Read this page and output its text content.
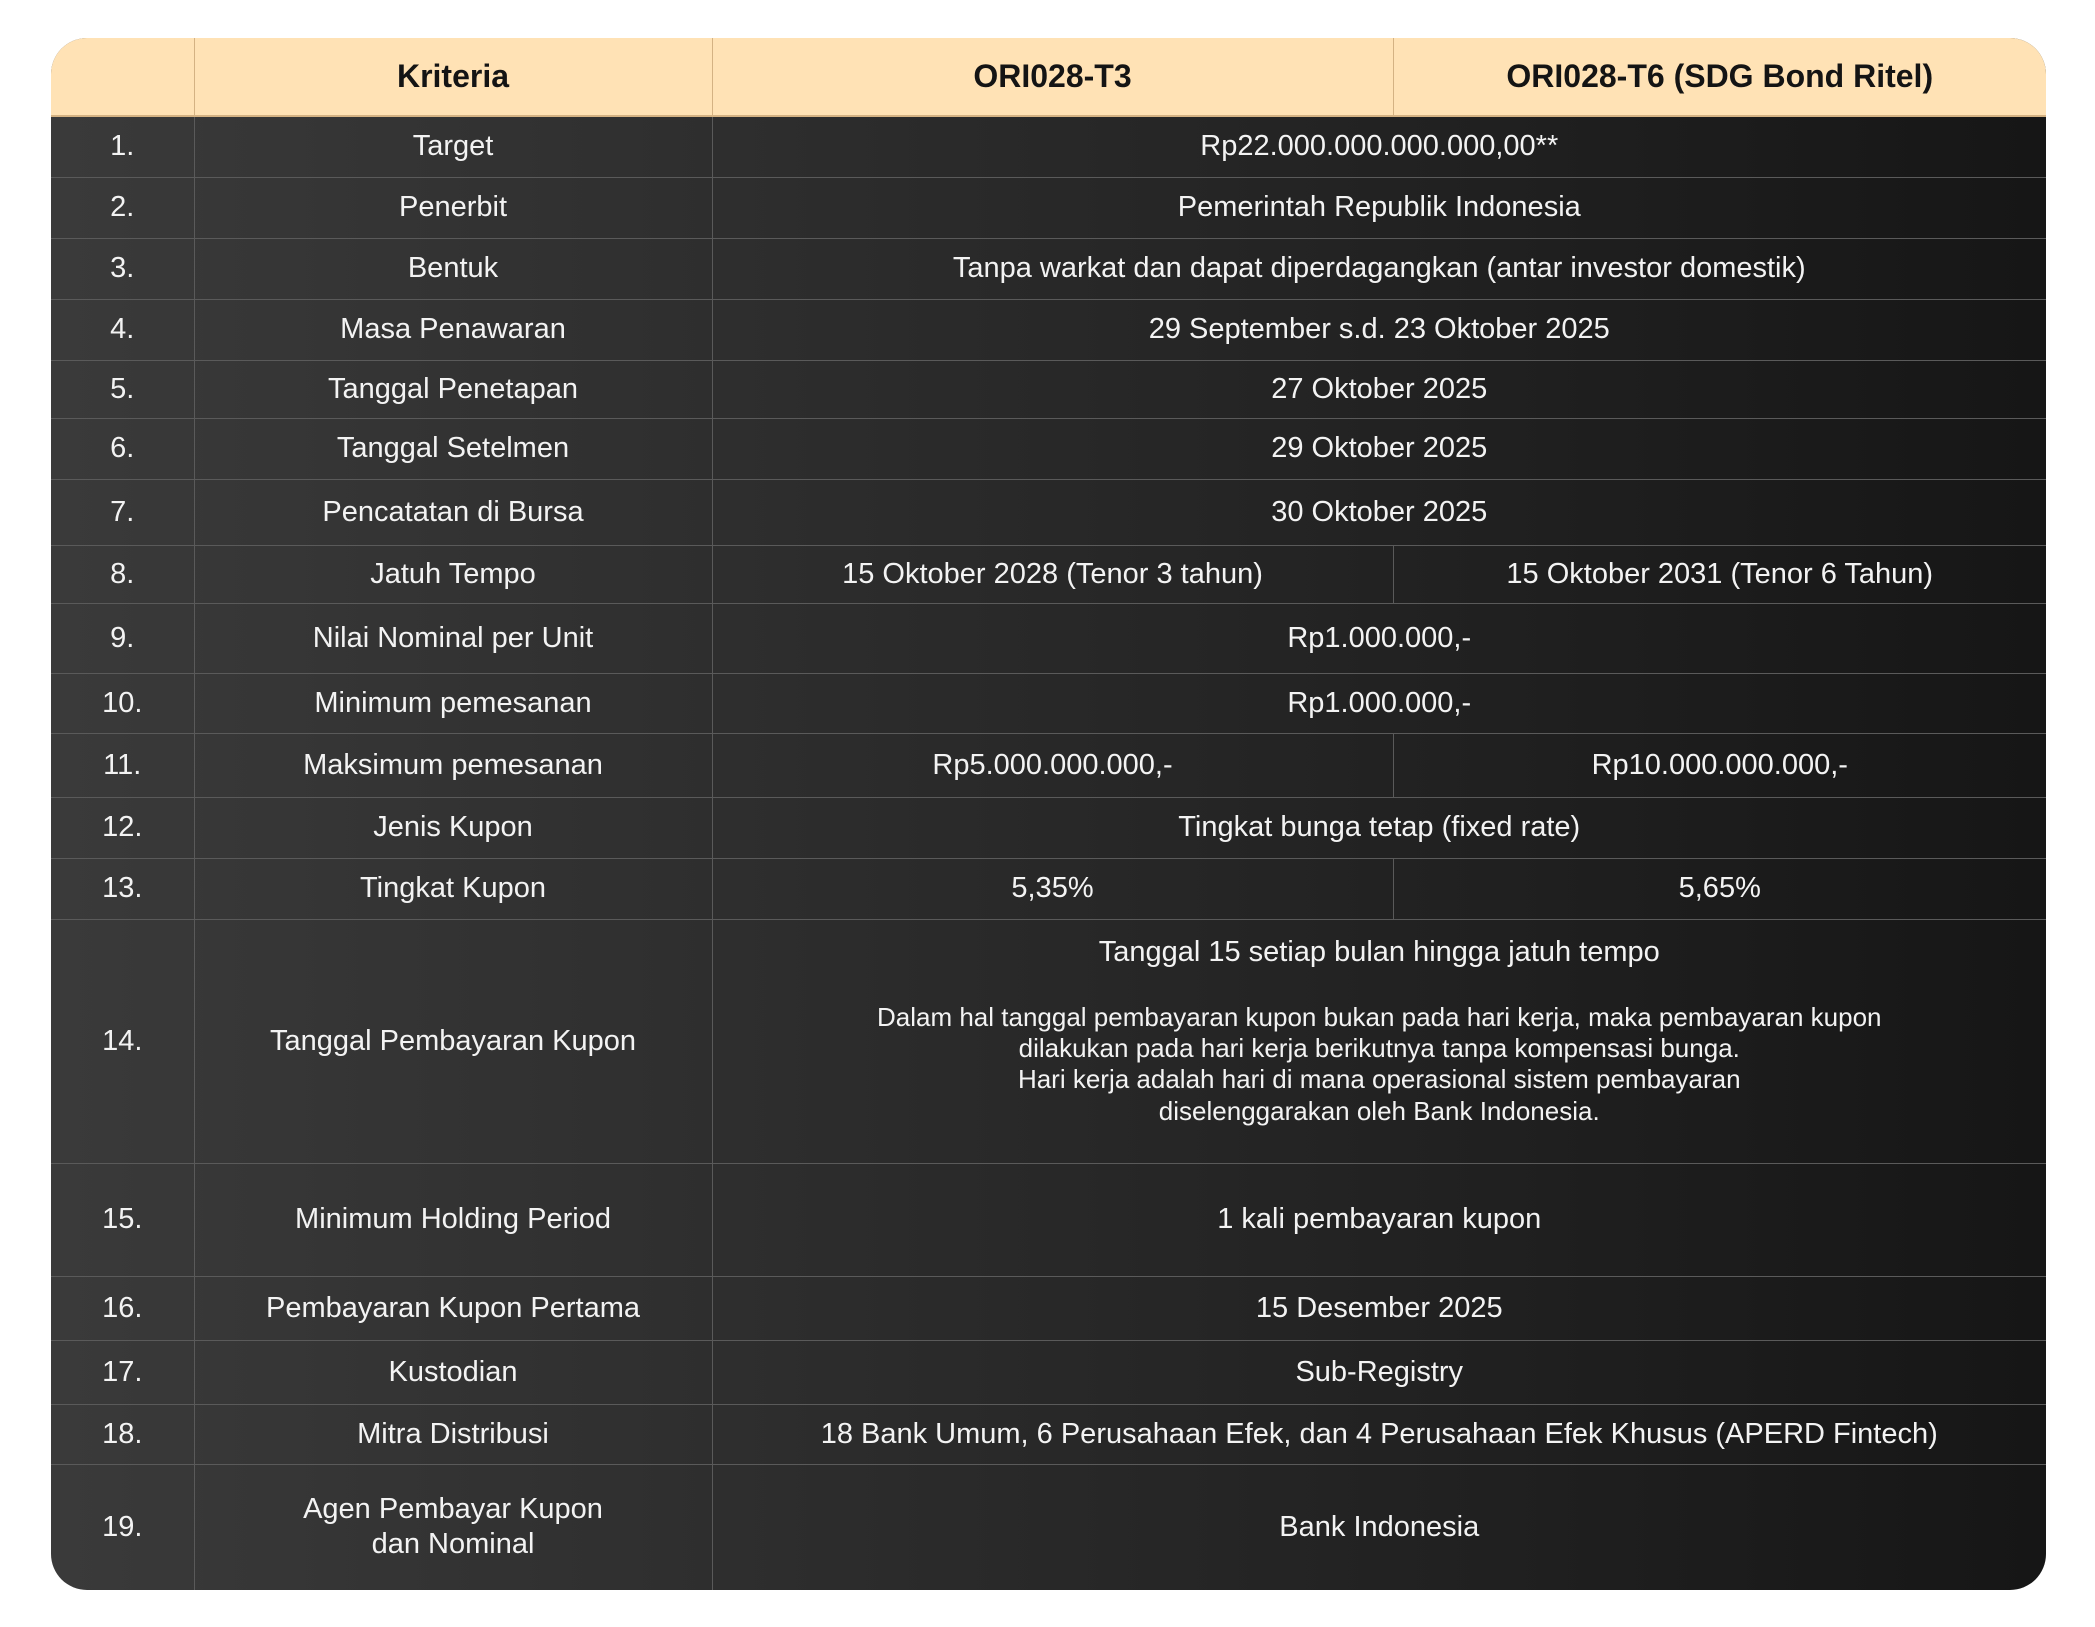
	Kriteria	ORI028-T3	ORI028-T6 (SDG Bond Ritel)
1.	Target	Rp22.000.000.000.000,00**	
2.	Penerbit	Pemerintah Republik Indonesia	
3.	Bentuk	Tanpa warkat dan dapat diperdagangkan (antar investor domestik)	
4.	Masa Penawaran	29 September s.d. 23 Oktober 2025	
5.	Tanggal Penetapan	27 Oktober 2025	
6.	Tanggal Setelmen	29 Oktober 2025	
7.	Pencatatan di Bursa	30 Oktober 2025	
8.	Jatuh Tempo	15 Oktober 2028 (Tenor 3 tahun)	15 Oktober 2031 (Tenor 6 Tahun)
9.	Nilai Nominal per Unit	Rp1.000.000,-	
10.	Minimum pemesanan	Rp1.000.000,-	
11.	Maksimum pemesanan	Rp5.000.000.000,-	Rp10.000.000.000,-
12.	Jenis Kupon	Tingkat bunga tetap (fixed rate)	
13.	Tingkat Kupon	5,35%	5,65%
14.	Tanggal Pembayaran Kupon	Tanggal 15 setiap bulan hingga jatuh tempo
Dalam hal tanggal pembayaran kupon bukan pada hari kerja, maka pembayaran kupon
dilakukan pada hari kerja berikutnya tanpa kompensasi bunga.
Hari kerja adalah hari di mana operasional sistem pembayaran
diselenggarakan oleh Bank Indonesia.	

15.	Minimum Holding Period	1 kali pembayaran kupon	
16.	Pembayaran Kupon Pertama	15 Desember 2025	
17.	Kustodian	Sub-Registry	
18.	Mitra Distribusi	18 Bank Umum, 6 Perusahaan Efek, dan 4 Perusahaan Efek Khusus (APERD Fintech)	
19.	Agen Pembayar Kupon
dan Nominal	Bank Indonesia	
